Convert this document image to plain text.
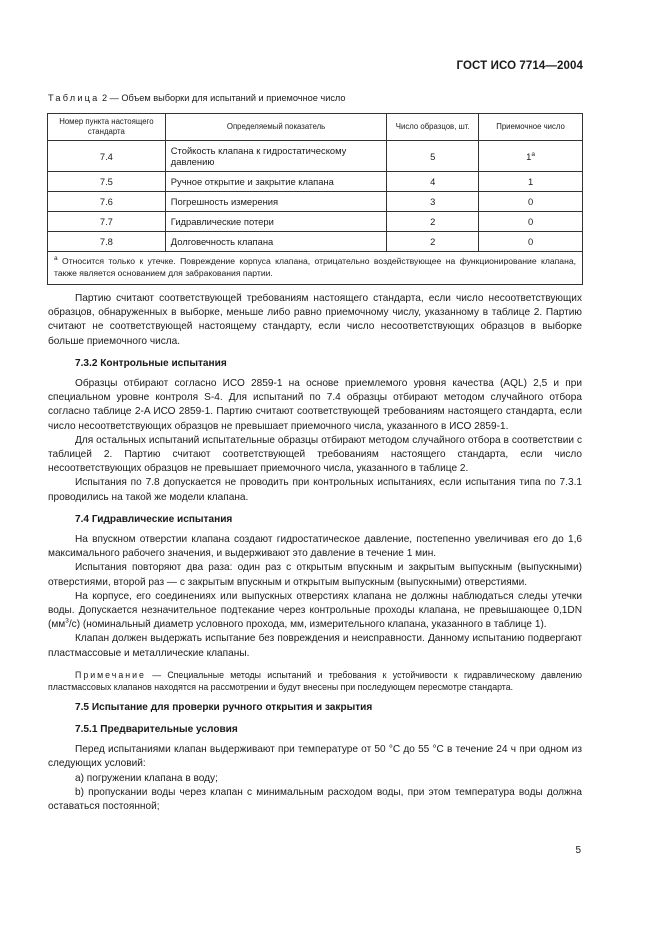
ГОСТ ИСО 7714—2004
Таблица 2 — Объем выборки для испытаний и приемочное число
Номер пункта настоящего стандарта	Определяемый показатель	Число образцов, шт.	Приемочное число
7.4	Стойкость клапана к гидростатическому давлению	5	1$^a$
7.5	Ручное открытие и закрытие клапана	4	1
7.6	Погрешность измерения	3	0
7.7	Гидравлические потери	2	0
7.8	Долговечность клапана	2	0
$^a$ Относится только к утечке. Повреждение корпуса клапана, отрицательно воздействующее на функционирование клапана, также является основанием для забракования партии.			

Партию считают соответствующей требованиям настоящего стандарта, если число несоответствующих образцов, обнаруженных в выборке, меньше либо равно приемочному числу, указанному в таблице 2. Партию считают не соответствующей настоящему стандарту, если число несоответствующих образцов в выборке больше приемочного числа.

7.3.2 Контрольные испытания

Образцы отбирают согласно ИСО 2859-1 на основе приемлемого уровня качества (AQL) 2,5 и при специальном уровне контроля S-4. Для испытаний по 7.4 образцы отбирают методом случайного отбора согласно таблице 2-A ИСО 2859-1. Партию считают соответствующей требованиям настоящего стандарта, если число несоответствующих образцов не превышает приемочного числа, указанного в ИСО 2859-1.

Для остальных испытаний испытательные образцы отбирают методом случайного отбора в соответствии с таблицей 2. Партию считают соответствующей требованиям настоящего стандарта, если число несоответствующих образцов не превышает приемочного числа, указанного в таблице 2.

Испытания по 7.8 допускается не проводить при контрольных испытаниях, если испытания типа по 7.3.1 проводились на такой же модели клапана.

7.4 Гидравлические испытания

На впускном отверстии клапана создают гидростатическое давление, постепенно увеличивая его до 1,6 максимального рабочего значения, и выдерживают это давление в течение 1 мин.

Испытания повторяют два раза: один раз с открытым впускным и закрытым выпускным (выпускными) отверстиями, второй раз — с закрытым впускным и открытым выпускным (выпускными) отверстиями.

На корпусе, его соединениях или выпускных отверстиях клапана не должны наблюдаться следы утечки воды. Допускается незначительное подтекание через контрольные проходы клапана, не превышающее 0,1DN $(мм^3/с)$ (номинальный диаметр условного прохода, мм, измерительного клапана, указанного в таблице 1).

Клапан должен выдержать испытание без повреждения и неисправности. Данному испытанию подвергают пластмассовые и металлические клапаны.

Примечание — Специальные методы испытаний и требования к устойчивости к гидравлическому давлению пластмассовых клапанов находятся на рассмотрении и будут внесены при последующем пересмотре стандарта.
7.5 Испытание для проверки ручного открытия и закрытия
7.5.1 Предварительные условия

Перед испытаниями клапан выдерживают при температуре от 50 °C до 55 °C в течение 24 ч при одном из следующих условий:

а) погружении клапана в воду;

b) пропускании воды через клапан с минимальным расходом воды, при этом температура воды должна оставаться постоянной;

5
